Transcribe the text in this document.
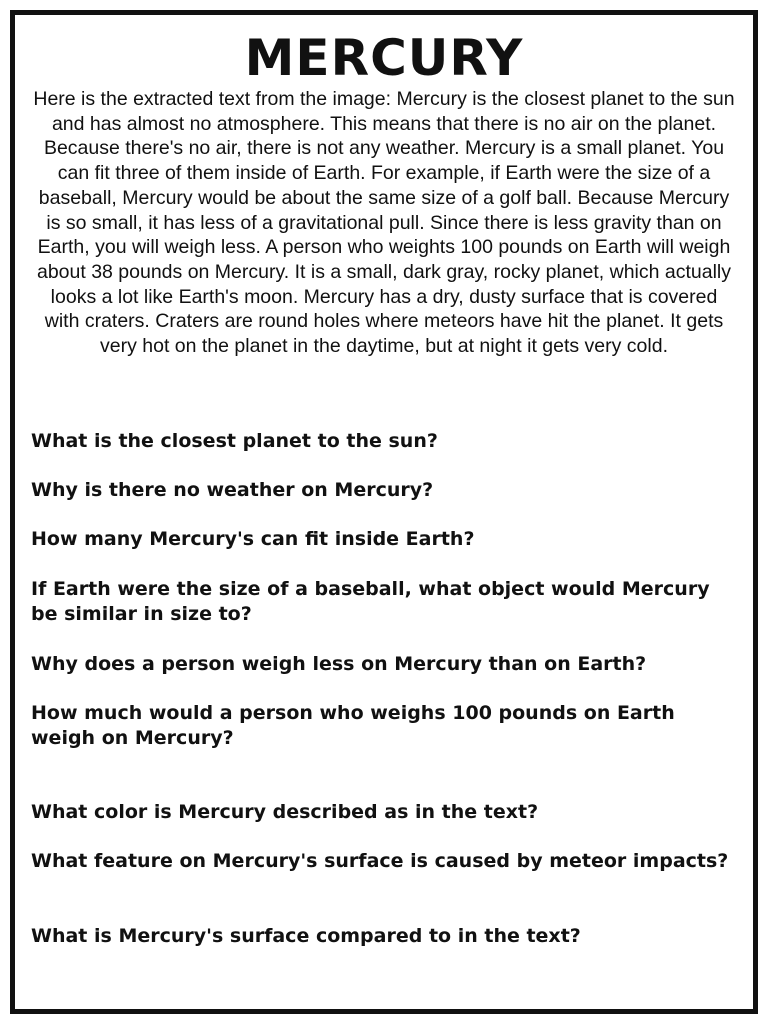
MERCURY

Here is the extracted text from the image: Mercury is the closest planet to the sun and has almost no atmosphere. This means that there is no air on the planet. Because there's no air, there is not any weather. Mercury is a small planet. You can fit three of them inside of Earth. For example, if Earth were the size of a baseball, Mercury would be about the same size of a golf ball. Because Mercury is so small, it has less of a gravitational pull. Since there is less gravity than on Earth, you will weigh less. A person who weights 100 pounds on Earth will weigh about 38 pounds on Mercury. It is a small, dark gray, rocky planet, which actually looks a lot like Earth's moon. Mercury has a dry, dusty surface that is covered with craters. Craters are round holes where meteors have hit the planet. It gets very hot on the planet in the daytime, but at night it gets very cold.

What is the closest planet to the sun?

Why is there no weather on Mercury?

How many Mercury's can fit inside Earth?

If Earth were the size of a baseball, what object would Mercury be similar in size to?

Why does a person weigh less on Mercury than on Earth?

How much would a person who weighs 100 pounds on Earth weigh on Mercury?

What color is Mercury described as in the text?

What feature on Mercury's surface is caused by meteor impacts?

What is Mercury's surface compared to in the text?
